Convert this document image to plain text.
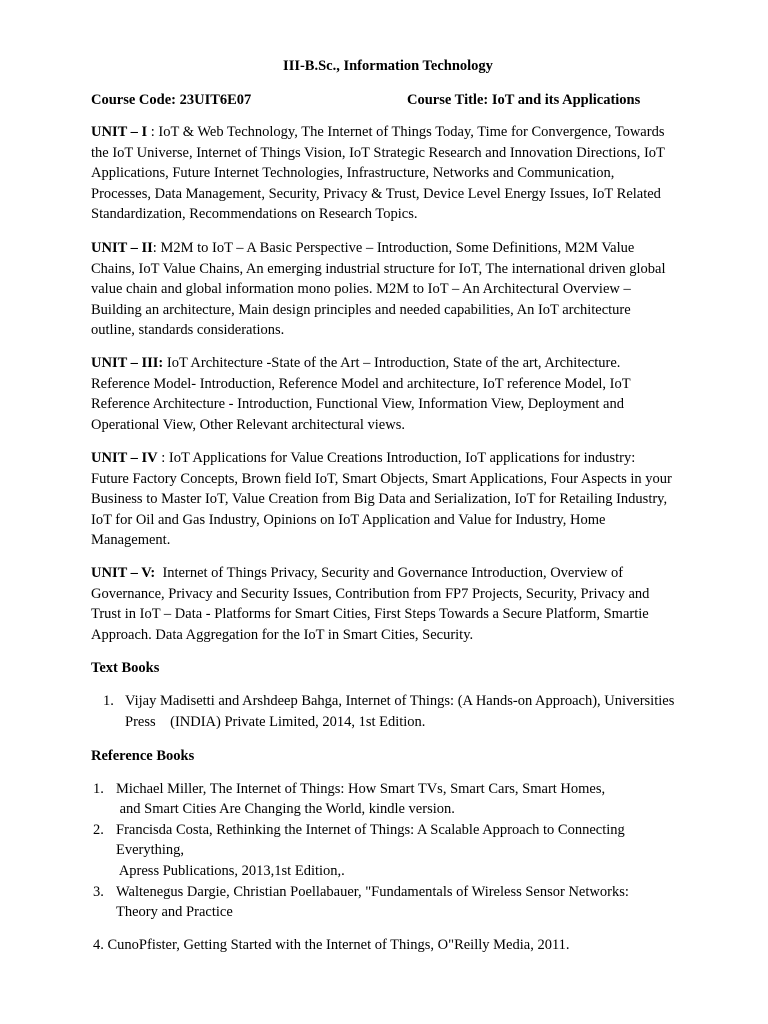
III-B.Sc., Information Technology
Course Code: 23UIT6E07	Course Title: IoT and its Applications
UNIT – I : IoT & Web Technology, The Internet of Things Today, Time for Convergence, Towards
the IoT Universe, Internet of Things Vision, IoT Strategic Research and Innovation Directions, IoT
Applications, Future Internet Technologies, Infrastructure, Networks and Communication,
Processes, Data Management, Security, Privacy & Trust, Device Level Energy Issues, IoT Related
Standardization, Recommendations on Research Topics.
UNIT – II: M2M to IoT – A Basic Perspective – Introduction, Some Definitions, M2M Value
Chains, IoT Value Chains, An emerging industrial structure for IoT, The international driven global
value chain and global information mono polies. M2M to IoT – An Architectural Overview –
Building an architecture, Main design principles and needed capabilities, An IoT architecture
outline, standards considerations.
UNIT – III: IoT Architecture -State of the Art – Introduction, State of the art, Architecture.
Reference Model- Introduction, Reference Model and architecture, IoT reference Model, IoT
Reference Architecture - Introduction, Functional View, Information View, Deployment and
Operational View, Other Relevant architectural views.
UNIT – IV : IoT Applications for Value Creations Introduction, IoT applications for industry:
Future Factory Concepts, Brown field IoT, Smart Objects, Smart Applications, Four Aspects in your
Business to Master IoT, Value Creation from Big Data and Serialization, IoT for Retailing Industry,
IoT for Oil and Gas Industry, Opinions on IoT Application and Value for Industry, Home
Management.
UNIT – V: Internet of Things Privacy, Security and Governance Introduction, Overview of
Governance, Privacy and Security Issues, Contribution from FP7 Projects, Security, Privacy and
Trust in IoT – Data - Platforms for Smart Cities, First Steps Towards a Secure Platform, Smartie
Approach. Data Aggregation for the IoT in Smart Cities, Security.
Text Books
1. Vijay Madisetti and Arshdeep Bahga, Internet of Things: (A Hands-on Approach), Universities
Press    (INDIA) Private Limited, 2014, 1st Edition.
Reference Books
1. Michael Miller, The Internet of Things: How Smart TVs, Smart Cars, Smart Homes,
and Smart Cities Are Changing the World, kindle version.
2. Francisda Costa, Rethinking the Internet of Things: A Scalable Approach to Connecting
Everything,
Apress Publications, 2013,1st Edition,.
3. Waltenegus Dargie, Christian Poellabauer, "Fundamentals of Wireless Sensor Networks:
Theory and Practice
4. CunoPfister, Getting Started with the Internet of Things, O"Reilly Media, 2011.
